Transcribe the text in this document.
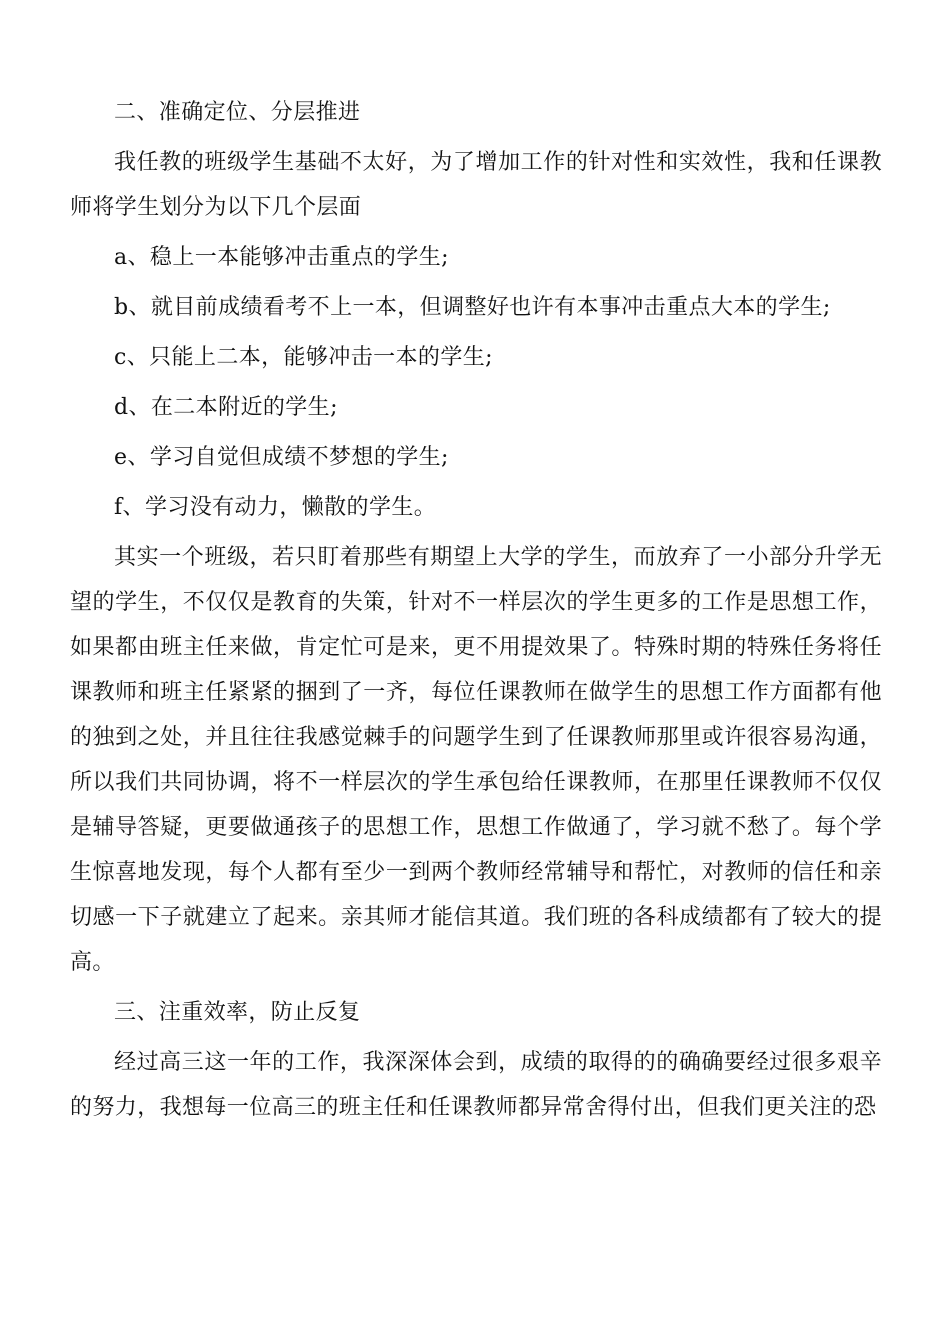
二、准确定位、分层推进

我任教的班级学生基础不太好，为了增加工作的针对性和实效性，我和任课教师将学生划分为以下几个层面

a、稳上一本能够冲击重点的学生;

b、就目前成绩看考不上一本，但调整好也许有本事冲击重点大本的学生;

c、只能上二本，能够冲击一本的学生;

d、在二本附近的学生;

e、学习自觉但成绩不梦想的学生;

f、学习没有动力，懒散的学生。

其实一个班级，若只盯着那些有期望上大学的学生，而放弃了一小部分升学无望的学生，不仅仅是教育的失策，针对不一样层次的学生更多的工作是思想工作，如果都由班主任来做，肯定忙可是来，更不用提效果了。特殊时期的特殊任务将任课教师和班主任紧紧的捆到了一齐，每位任课教师在做学生的思想工作方面都有他的独到之处，并且往往我感觉棘手的问题学生到了任课教师那里或许很容易沟通，所以我们共同协调，将不一样层次的学生承包给任课教师，在那里任课教师不仅仅是辅导答疑，更要做通孩子的思想工作，思想工作做通了，学习就不愁了。每个学生惊喜地发现，每个人都有至少一到两个教师经常辅导和帮忙，对教师的信任和亲切感一下子就建立了起来。亲其师才能信其道。我们班的各科成绩都有了较大的提高。

三、注重效率，防止反复

经过高三这一年的工作，我深深体会到，成绩的取得的的确确要经过很多艰辛的努力，我想每一位高三的班主任和任课教师都异常舍得付出，但我们更关注的恐
